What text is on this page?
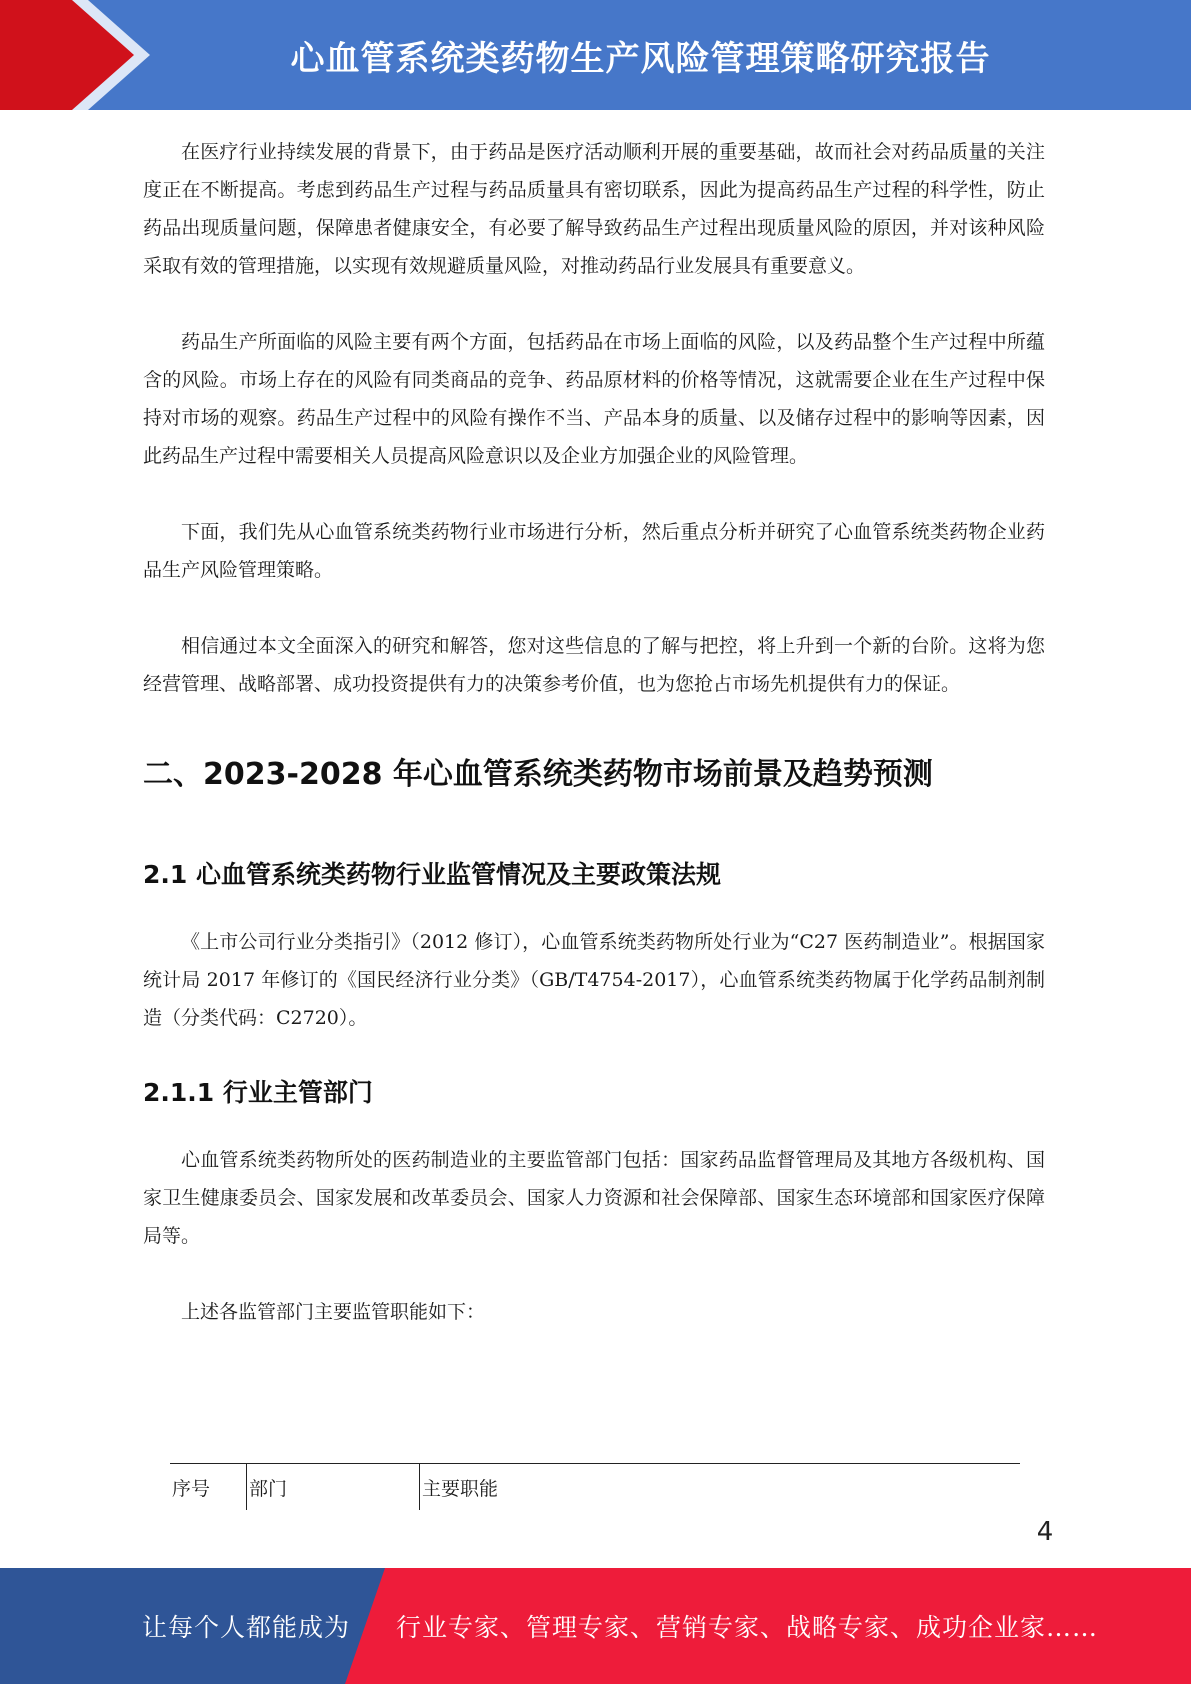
心血管系统类药物生产风险管理策略研究报告

在医疗行业持续发展的背景下，由于药品是医疗活动顺利开展的重要基础，故而社会对药品质量的关注度正在不断提高。考虑到药品生产过程与药品质量具有密切联系，因此为提高药品生产过程的科学性，防止药品出现质量问题，保障患者健康安全，有必要了解导致药品生产过程出现质量风险的原因，并对该种风险采取有效的管理措施，以实现有效规避质量风险，对推动药品行业发展具有重要意义。

药品生产所面临的风险主要有两个方面，包括药品在市场上面临的风险，以及药品整个生产过程中所蕴含的风险。市场上存在的风险有同类商品的竞争、药品原材料的价格等情况，这就需要企业在生产过程中保持对市场的观察。药品生产过程中的风险有操作不当、产品本身的质量、以及储存过程中的影响等因素，因此药品生产过程中需要相关人员提高风险意识以及企业方加强企业的风险管理。

下面，我们先从心血管系统类药物行业市场进行分析，然后重点分析并研究了心血管系统类药物企业药品生产风险管理策略。

相信通过本文全面深入的研究和解答，您对这些信息的了解与把控，将上升到一个新的台阶。这将为您经营管理、战略部署、成功投资提供有力的决策参考价值，也为您抢占市场先机提供有力的保证。

二、2023-2028 年心血管系统类药物市场前景及趋势预测
2.1 心血管系统类药物行业监管情况及主要政策法规

《上市公司行业分类指引》（2012 修订），心血管系统类药物所处行业为“C27 医药制造业”。根据国家统计局 2017 年修订的《国民经济行业分类》（GB/T4754-2017），心血管系统类药物属于化学药品制剂制造（分类代码：C2720）。

2.1.1 行业主管部门

心血管系统类药物所处的医药制造业的主要监管部门包括：国家药品监督管理局及其地方各级机构、国家卫生健康委员会、国家发展和改革委员会、国家人力资源和社会保障部、国家生态环境部和国家医疗保障局等。

上述各监管部门主要监管职能如下：

序号	部门	主要职能
4
让每个人都能成为 行业专家、管理专家、营销专家、战略专家、成功企业家……
